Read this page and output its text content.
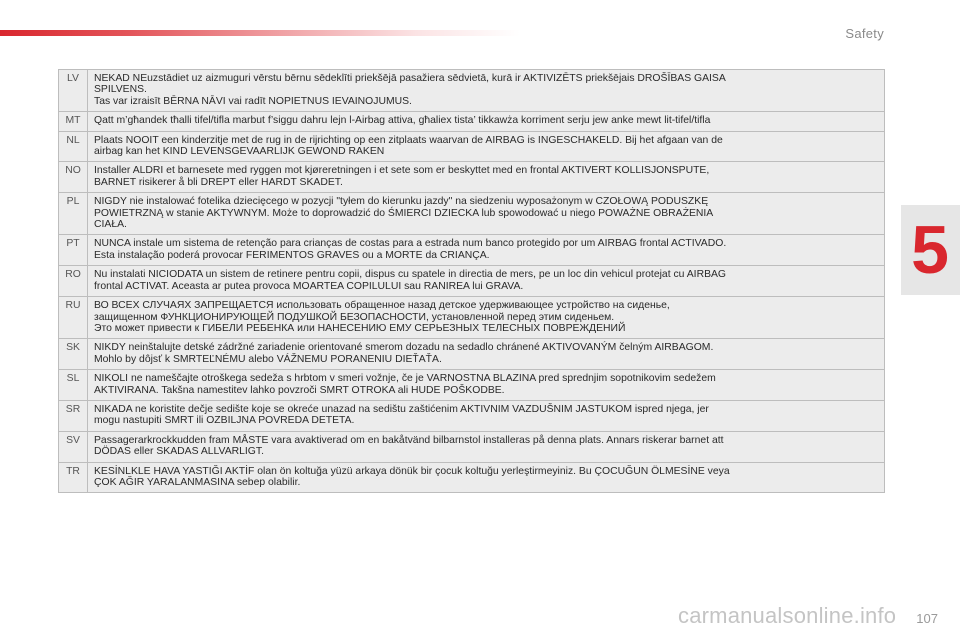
Safety
5
LV	NEKAD NEuzstādiet uz aizmuguri vērstu bērnu sēdeklīti priekšējā pasažiera sēdvietā, kurā ir AKTIVIZĒTS priekšējais DROŠĪBAS GAISA
SPILVENS.
Tas var izraisīt BĒRNA NĀVI vai radīt NOPIETNUS IEVAINOJUMUS.
MT	Qatt m’għandek tħalli tifel/tifla marbut f’siggu dahru lejn l-Airbag attiva, għaliex tista’ tikkawża korriment serju jew anke mewt lit-tifel/tifla
NL	Plaats NOOIT een kinderzitje met de rug in de rijrichting op een zitplaats waarvan de AIRBAG is INGESCHAKELD. Bij het afgaan van de
airbag kan het KIND LEVENSGEVAARLIJK GEWOND RAKEN
NO	Installer ALDRI et barnesete med ryggen mot kjøreretningen i et sete som er beskyttet med en frontal AKTIVERT KOLLISJONSPUTE,
BARNET risikerer å bli DREPT eller HARDT SKADET.
PL	NIGDY nie instalować fotelika dziecięcego w pozycji "tyłem do kierunku jazdy" na siedzeniu wyposażonym w CZOŁOWĄ PODUSZKĘ
POWIETRZNĄ w stanie AKTYWNYM. Może to doprowadzić do ŚMIERCI DZIECKA lub spowodować u niego POWAŻNE OBRAŻENIA
CIAŁA.
PT	NUNCA instale um sistema de retenção para crianças de costas para a estrada num banco protegido por um AIRBAG frontal ACTIVADO.
Esta instalação poderá provocar FERIMENTOS GRAVES ou a MORTE da CRIANÇA.
RO	Nu instalati NICIODATA un sistem de retinere pentru copii, dispus cu spatele in directia de mers, pe un loc din vehicul protejat cu AIRBAG
frontal ACTIVAT. Aceasta ar putea provoca MOARTEA COPILULUI sau RANIREA lui GRAVA.
RU	ВО ВСЕХ СЛУЧАЯХ ЗАПРЕЩАЕТСЯ использовать обращенное назад детское удерживающее устройство на сиденье,
защищенном ФУНКЦИОНИРУЮЩЕЙ ПОДУШКОЙ БЕЗОПАСНОСТИ, установленной перед этим сиденьем.
Это может привести к ГИБЕЛИ РЕБЕНКА или НАНЕСЕНИЮ ЕМУ СЕРЬЕЗНЫХ ТЕЛЕСНЫХ ПОВРЕЖДЕНИЙ
SK	NIKDY neinštalujte detské zádržné zariadenie orientované smerom dozadu na sedadlo chránené AKTIVOVANÝM čelným AIRBAGOM.
Mohlo by dôjsť k SMRTEĽNÉMU alebo VÁŽNEMU PORANENIU DIEŤAŤA.
SL	NIKOLI ne nameščajte otroškega sedeža s hrbtom v smeri vožnje, če je VARNOSTNA BLAZINA pred sprednjim sopotnikovim sedežem
AKTIVIRANA. Takšna namestitev lahko povzroči SMRT OTROKA ali HUDE POŠKODBE.
SR	NIKADA ne koristite dečje sedište koje se okreće unazad na sedištu zaštićenim AKTIVNIM VAZDUŠNIM JASTUKOM ispred njega, jer
mogu nastupiti SMRT ili OZBILJNA POVREDA DETETA.
SV	Passagerarkrockkudden fram MÅSTE vara avaktiverad om en bakåtvänd bilbarnstol installeras på denna plats. Annars riskerar barnet att
DÖDAS eller SKADAS ALLVARLIGT.
TR	KESİNLKLE HAVA YASTIĞI AKTİF olan ön koltuğa yüzü arkaya dönük bir çocuk koltuğu yerleştirmeyiniz. Bu ÇOCUĞUN ÖLMESİNE veya
ÇOK AĞIR YARALANMASINA sebep olabilir.
carmanualsonline.info 107
